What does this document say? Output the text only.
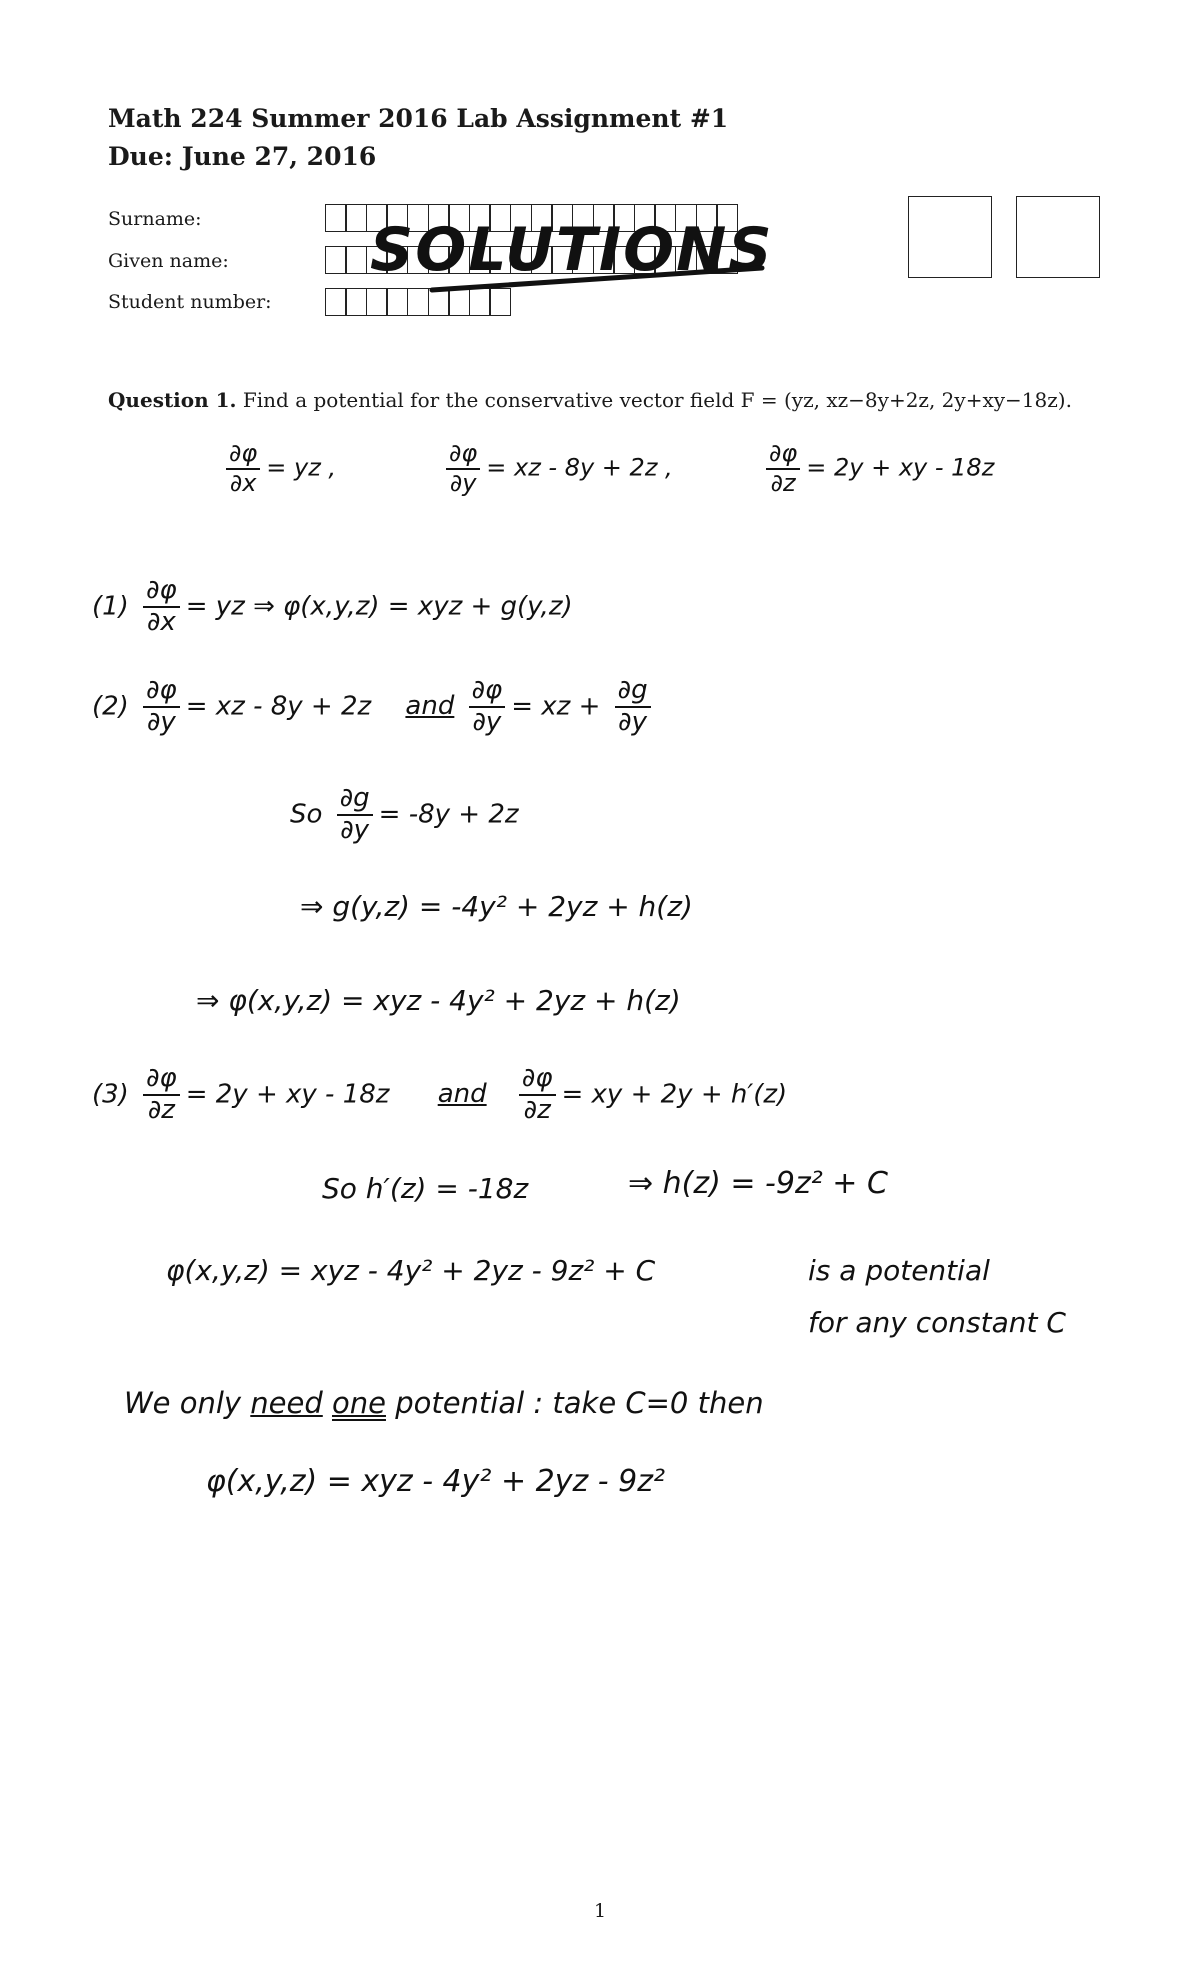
Math 224 Summer 2016 Lab Assignment #1
Due: June 27, 2016
Surname:
Given name:
Student number:
SOLUTIONS
Question 1. Find a potential for the conservative vector field F = (yz, xz−8y+2z, 2y+xy−18z).
$\frac{\partial\varphi}{\partial x}$ = yz ,	$\frac{\partial\varphi}{\partial y}$ = xz - 8y + 2z ,	$\frac{\partial\varphi}{\partial z} = 2y$ + xy - 18z
$(1) \frac{\partial\varphi}{\partial x}$ = yz ⇒ φ(x,y,z) = xyz + g(y,z)
$(2) \frac{\partial\varphi}{\partial y}$ = xz - 8y + 2z and $\frac{\partial\varphi}{\partial y}$ = xz + $\frac{\partial g}{\partial y}$
So $\frac{\partial g}{\partial y} = -8y + 2z$
⇒ g(y,z) = -4y² + 2yz + h(z)
⇒ φ(x,y,z) = xyz - 4y² + 2yz + h(z)
$(3) \frac{\partial\varphi}{\partial z} = 2y$ + xy - 18z and $\frac{\partial\varphi}{\partial z}$ = xy + 2y + h′(z)
So h′(z) = -18z	⇒ h(z) = -9z² + C
φ(x,y,z) = xyz - 4y² + 2yz - 9z² + C	is a potential
for any constant C
We only need one potential : take C=0 then
φ(x,y,z) = xyz - 4y² + 2yz - 9z²
1
